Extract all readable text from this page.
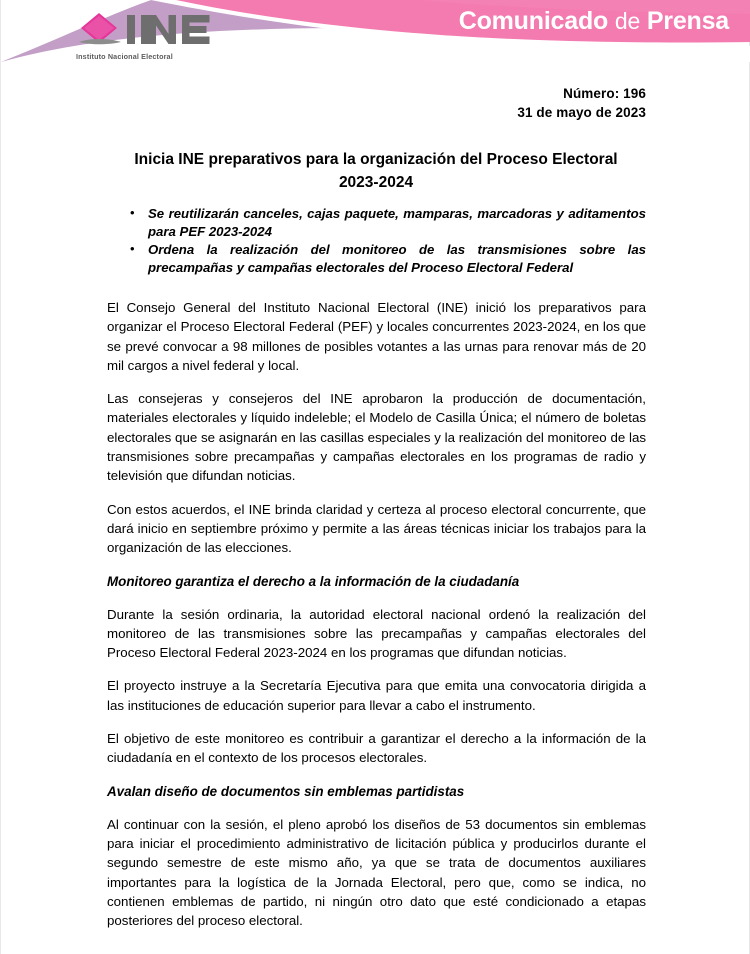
Comunicado de Prensa
Instituto Nacional Electoral
Número: 196
31 de mayo de 2023
Inicia INE preparativos para la organización del Proceso Electoral
2023-2024
• Se reutilizarán canceles, cajas paquete, mamparas, marcadoras y aditamentos para PEF 2023-2024
• Ordena la realización del monitoreo de las transmisiones sobre las precampañas y campañas electorales del Proceso Electoral Federal

El Consejo General del Instituto Nacional Electoral (INE) inició los preparativos para organizar el Proceso Electoral Federal (PEF) y locales concurrentes 2023-2024, en los que se prevé convocar a 98 millones de posibles votantes a las urnas para renovar más de 20 mil cargos a nivel federal y local.

Las consejeras y consejeros del INE aprobaron la producción de documentación, materiales electorales y líquido indeleble; el Modelo de Casilla Única; el número de boletas electorales que se asignarán en las casillas especiales y la realización del monitoreo de las transmisiones sobre precampañas y campañas electorales en los programas de radio y televisión que difundan noticias.

Con estos acuerdos, el INE brinda claridad y certeza al proceso electoral concurrente, que dará inicio en septiembre próximo y permite a las áreas técnicas iniciar los trabajos para la organización de las elecciones.

Monitoreo garantiza el derecho a la información de la ciudadanía

Durante la sesión ordinaria, la autoridad electoral nacional ordenó la realización del monitoreo de las transmisiones sobre las precampañas y campañas electorales del Proceso Electoral Federal 2023-2024 en los programas que difundan noticias.

El proyecto instruye a la Secretaría Ejecutiva para que emita una convocatoria dirigida a las instituciones de educación superior para llevar a cabo el instrumento.

El objetivo de este monitoreo es contribuir a garantizar el derecho a la información de la ciudadanía en el contexto de los procesos electorales.

Avalan diseño de documentos sin emblemas partidistas

Al continuar con la sesión, el pleno aprobó los diseños de 53 documentos sin emblemas para iniciar el procedimiento administrativo de licitación pública y producirlos durante el segundo semestre de este mismo año, ya que se trata de documentos auxiliares importantes para la logística de la Jornada Electoral, pero que, como se indica, no contienen emblemas de partido, ni ningún otro dato que esté condicionado a etapas posteriores del proceso electoral.
